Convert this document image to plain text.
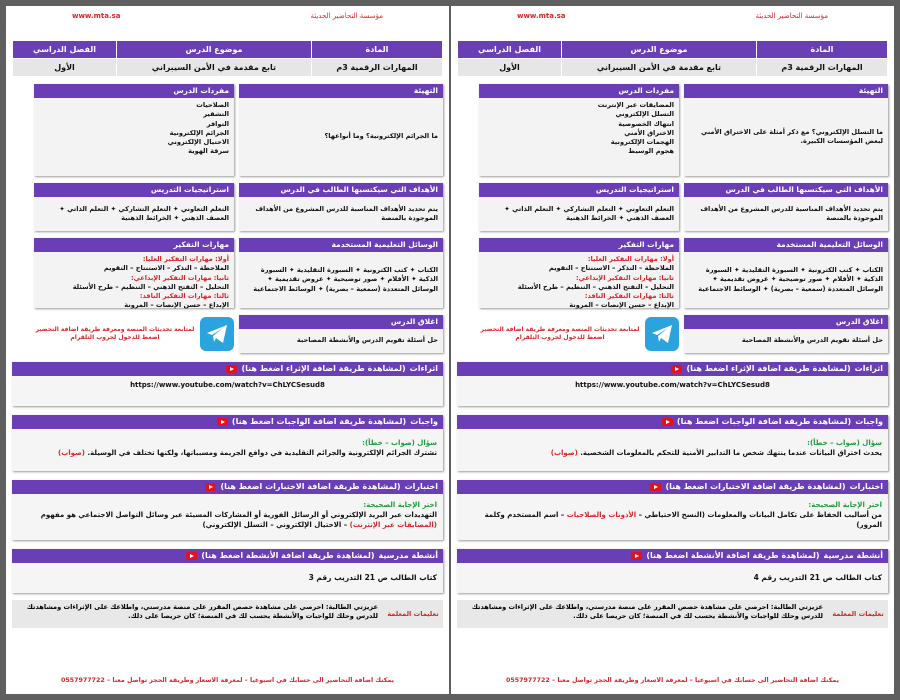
مؤسسة التحاضير الحديثة
www.mta.sa
المادة	موضوع الدرس	الفصل الدراسي
المهارات الرقمية 3م	تابع مقدمة في الأمن السيبراني	الأول
التهيئة
ما الجرائم الإلكترونية؟ وما أنواعها؟
مفردات الدرس
الصلاحيات
التشفير
التوافر
الجرائم الإلكترونية
الاحتيال الإلكتروني
سرقة الهوية
الأهداف التي سيكتسبها الطالب في الدرس
يتم تحديد الأهداف المناسبة للدرس المشروع من الأهداف الموجودة بالمنصة
استراتيجيات التدريس
التعلم التعاوني ✦ التعلم التشاركي ✦ التعلم الذاتي ✦ العصف الذهني ✦ الخرائط الذهنية
الوسائل التعليمية المستخدمة
الكتاب ✦ كتب الكترونية ✦ السبورة التقليدية ✦ السبورة الذكية ✦ الأقلام ✦ صور توضيحية ✦ عروض تقديمية ✦ الوسائل المتعددة (سمعية – بصرية) ✦ الوسائط الاجتماعية
مهارات التفكير
أولا: مهارات التفكير العليا:
الملاحظة – التذكر – الاستنتاج – التقويم
ثانيا: مهارات التفكير الإبداعي:
التحليل – التفتح الذهني – التنظيم – طرح الأسئلة
ثالثا: مهارات التفكير الناقد:
الإبداع – حسن الإنصات – المرونة
اغلاق الدرس
حل أسئلة تقويم الدرس والأنشطة المصاحبة
لمتابعة تحديثات المنصة ومعرفة طريقة اضافة التحضير اضغط للدخول لجروب التلقرام
اثراءات
(لمشاهدة طريقة اضافة الإثراء اضغط هنا)
https://www.youtube.com/watch?v=ChLYCSesud8
واجبات
(لمشاهدة طريقة اضافة الواجبات اضغط هنا)
سؤال (صواب – خطأ):
تشترك الجرائم الإلكترونية والجرائم التقليدية في دوافع الجريمة ومسبباتها، ولكنها تختلف في الوسيلة. (صواب)
اختبارات
(لمشاهدة طريقة اضافة الاختبارات اضغط هنا)
اختر الإجابة الصحيحة:
التهديدات عبر البريد الإلكتروني أو الرسائل الفورية أو المشاركات المسيئة عبر وسائل التواصل الاجتماعي هو مفهوم (المضايقات عبر الإنترنت) – الاحتيال الإلكتروني – التسلل الإلكتروني)
أنشطة مدرسية
(لمشاهدة طريقة اضافة الأنشطة اضغط هنا)
كتاب الطالب ص 21 التدريب رقم 3
تعليمات المعلمة
عزيزتي الطالبة: احرصي على مشاهدة حصص المقرر على منصة مدرستي، واطلاعك على الإثراءات ومشاهدتك للدرس وحلك للواجبات والأنشطة يحسب لك في المنصة؛ كان حريصا على ذلك.
يمكنك اضافة التحاضير الى حسابك في اسبوعيا – لمعرفة الاسعار وطريقة الحجز تواصل معنا – 0557977722
مؤسسة التحاضير الحديثة
www.mta.sa
المادة	موضوع الدرس	الفصل الدراسي
المهارات الرقمية 3م	تابع مقدمة في الأمن السيبراني	الأول
التهيئة
ما التسلل الإلكتروني؟ مع ذكر أمثلة على الاختراق الأمني لبعض المؤسسات الكبيرة.
مفردات الدرس
المضايقات عبر الإنترنت
التسلل الإلكتروني
انتهاك الخصوصية
الاختراق الأمني
الهجمات الإلكترونية
هجوم الوسيط
الأهداف التي سيكتسبها الطالب في الدرس
يتم تحديد الأهداف المناسبة للدرس المشروع من الأهداف الموجودة بالمنصة
استراتيجيات التدريس
التعلم التعاوني ✦ التعلم التشاركي ✦ التعلم الذاتي ✦ العصف الذهني ✦ الخرائط الذهنية
الوسائل التعليمية المستخدمة
الكتاب ✦ كتب الكترونية ✦ السبورة التقليدية ✦ السبورة الذكية ✦ الأقلام ✦ صور توضيحية ✦ عروض تقديمية ✦ الوسائل المتعددة (سمعية – بصرية) ✦ الوسائط الاجتماعية
مهارات التفكير
أولا: مهارات التفكير العليا:
الملاحظة – التذكر – الاستنتاج – التقويم
ثانيا: مهارات التفكير الإبداعي:
التحليل – التفتح الذهني – التنظيم – طرح الأسئلة
ثالثا: مهارات التفكير الناقد:
الإبداع – حسن الإنصات – المرونة
اغلاق الدرس
حل أسئلة تقويم الدرس والأنشطة المصاحبة
لمتابعة تحديثات المنصة ومعرفة طريقة اضافة التحضير اضغط للدخول لجروب التلقرام
اثراءات
(لمشاهدة طريقة اضافة الإثراء اضغط هنا)
https://www.youtube.com/watch?v=ChLYCSesud8
واجبات
(لمشاهدة طريقة اضافة الواجبات اضغط هنا)
سؤال (صواب – خطأ):
يحدث اختراق البيانات عندما ينتهك شخص ما التدابير الأمنية للتحكم بالمعلومات الشخصية. (صواب)
اختبارات
(لمشاهدة طريقة اضافة الاختبارات اضغط هنا)
اختر الإجابة الصحيحة:
من أساليب الحفاظ على تكامل البيانات والمعلومات (النسخ الاحتياطي – الأذونات والصلاحيات – اسم المستخدم وكلمة المرور)
أنشطة مدرسية
(لمشاهدة طريقة اضافة الأنشطة اضغط هنا)
كتاب الطالب ص 21 التدريب رقم 4
تعليمات المعلمة
عزيزتي الطالبة: احرصي على مشاهدة حصص المقرر على منصة مدرستي، واطلاعك على الإثراءات ومشاهدتك للدرس وحلك للواجبات والأنشطة يحسب لك في المنصة؛ كان حريصا على ذلك.
يمكنك اضافة التحاضير الى حسابك في اسبوعيا – لمعرفة الاسعار وطريقة الحجز تواصل معنا – 0557977722
